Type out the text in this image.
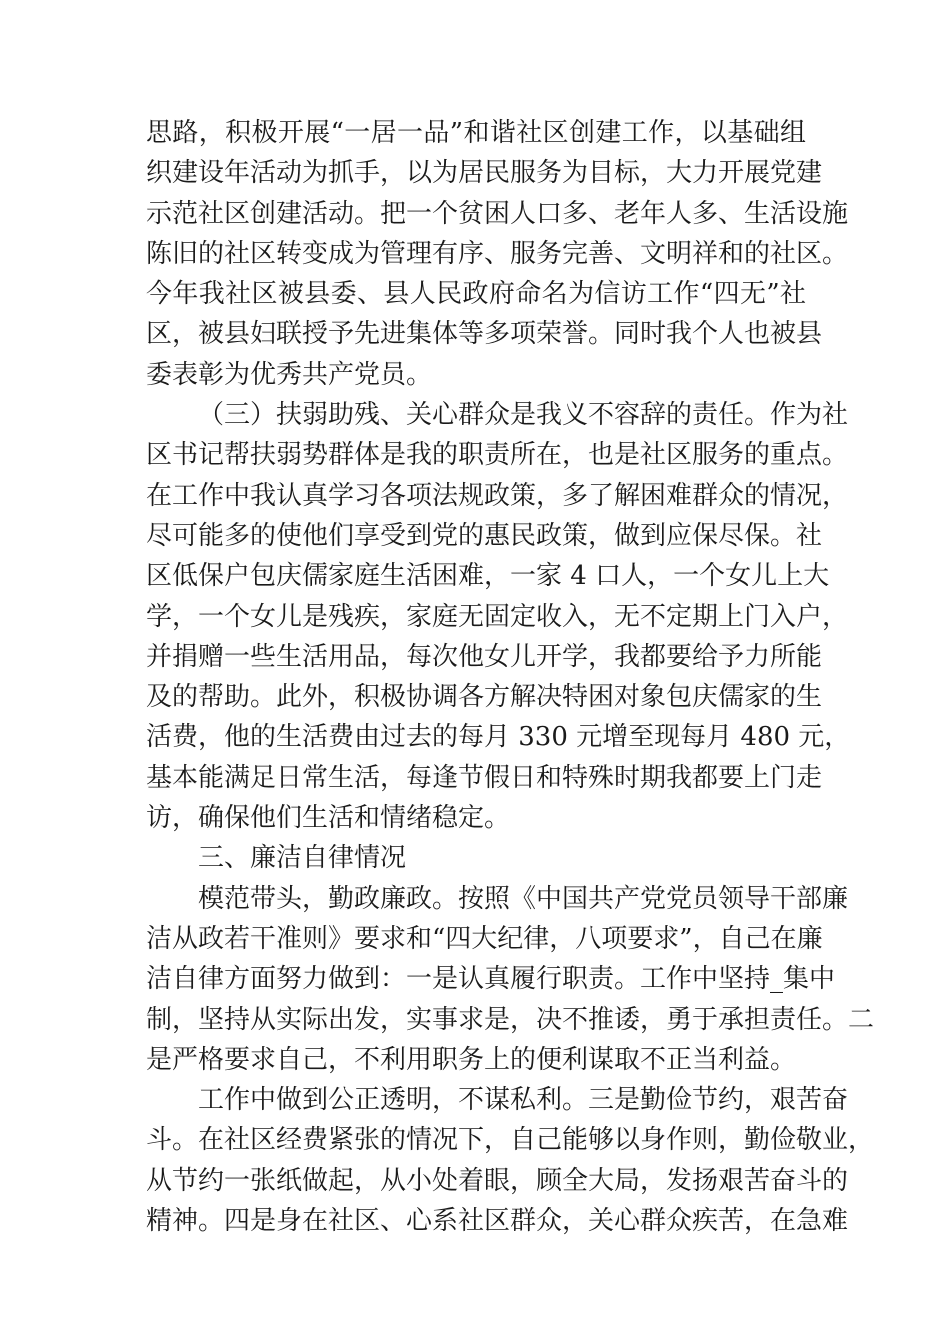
思路，积极开展“一居一品”和谐社区创建工作，以基础组
织建设年活动为抓手，以为居民服务为目标，大力开展党建
示范社区创建活动。把一个贫困人口多、老年人多、生活设施
陈旧的社区转变成为管理有序、服务完善、文明祥和的社区。
今年我社区被县委、县人民政府命名为信访工作“四无”社
区，被县妇联授予先进集体等多项荣誉。同时我个人也被县
委表彰为优秀共产党员。
（三）扶弱助残、关心群众是我义不容辞的责任。作为社
区书记帮扶弱势群体是我的职责所在，也是社区服务的重点。
在工作中我认真学习各项法规政策，多了解困难群众的情况，
尽可能多的使他们享受到党的惠民政策，做到应保尽保。社
区低保户包庆儒家庭生活困难，一家 4 口人，一个女儿上大
学，一个女儿是残疾，家庭无固定收入，无不定期上门入户，
并捐赠一些生活用品，每次他女儿开学，我都要给予力所能
及的帮助。此外，积极协调各方解决特困对象包庆儒家的生
活费，他的生活费由过去的每月 330 元增至现每月 480 元，
基本能满足日常生活，每逢节假日和特殊时期我都要上门走
访，确保他们生活和情绪稳定。
三、廉洁自律情况
模范带头，勤政廉政。按照《中国共产党党员领导干部廉
洁从政若干准则》要求和“四大纪律，八项要求”，自己在廉
洁自律方面努力做到：一是认真履行职责。工作中坚持_集中
制，坚持从实际出发，实事求是，决不推诿，勇于承担责任。二
是严格要求自己，不利用职务上的便利谋取不正当利益。
工作中做到公正透明，不谋私利。三是勤俭节约，艰苦奋
斗。在社区经费紧张的情况下，自己能够以身作则，勤俭敬业，
从节约一张纸做起，从小处着眼，顾全大局，发扬艰苦奋斗的
精神。四是身在社区、心系社区群众，关心群众疾苦，在急难
